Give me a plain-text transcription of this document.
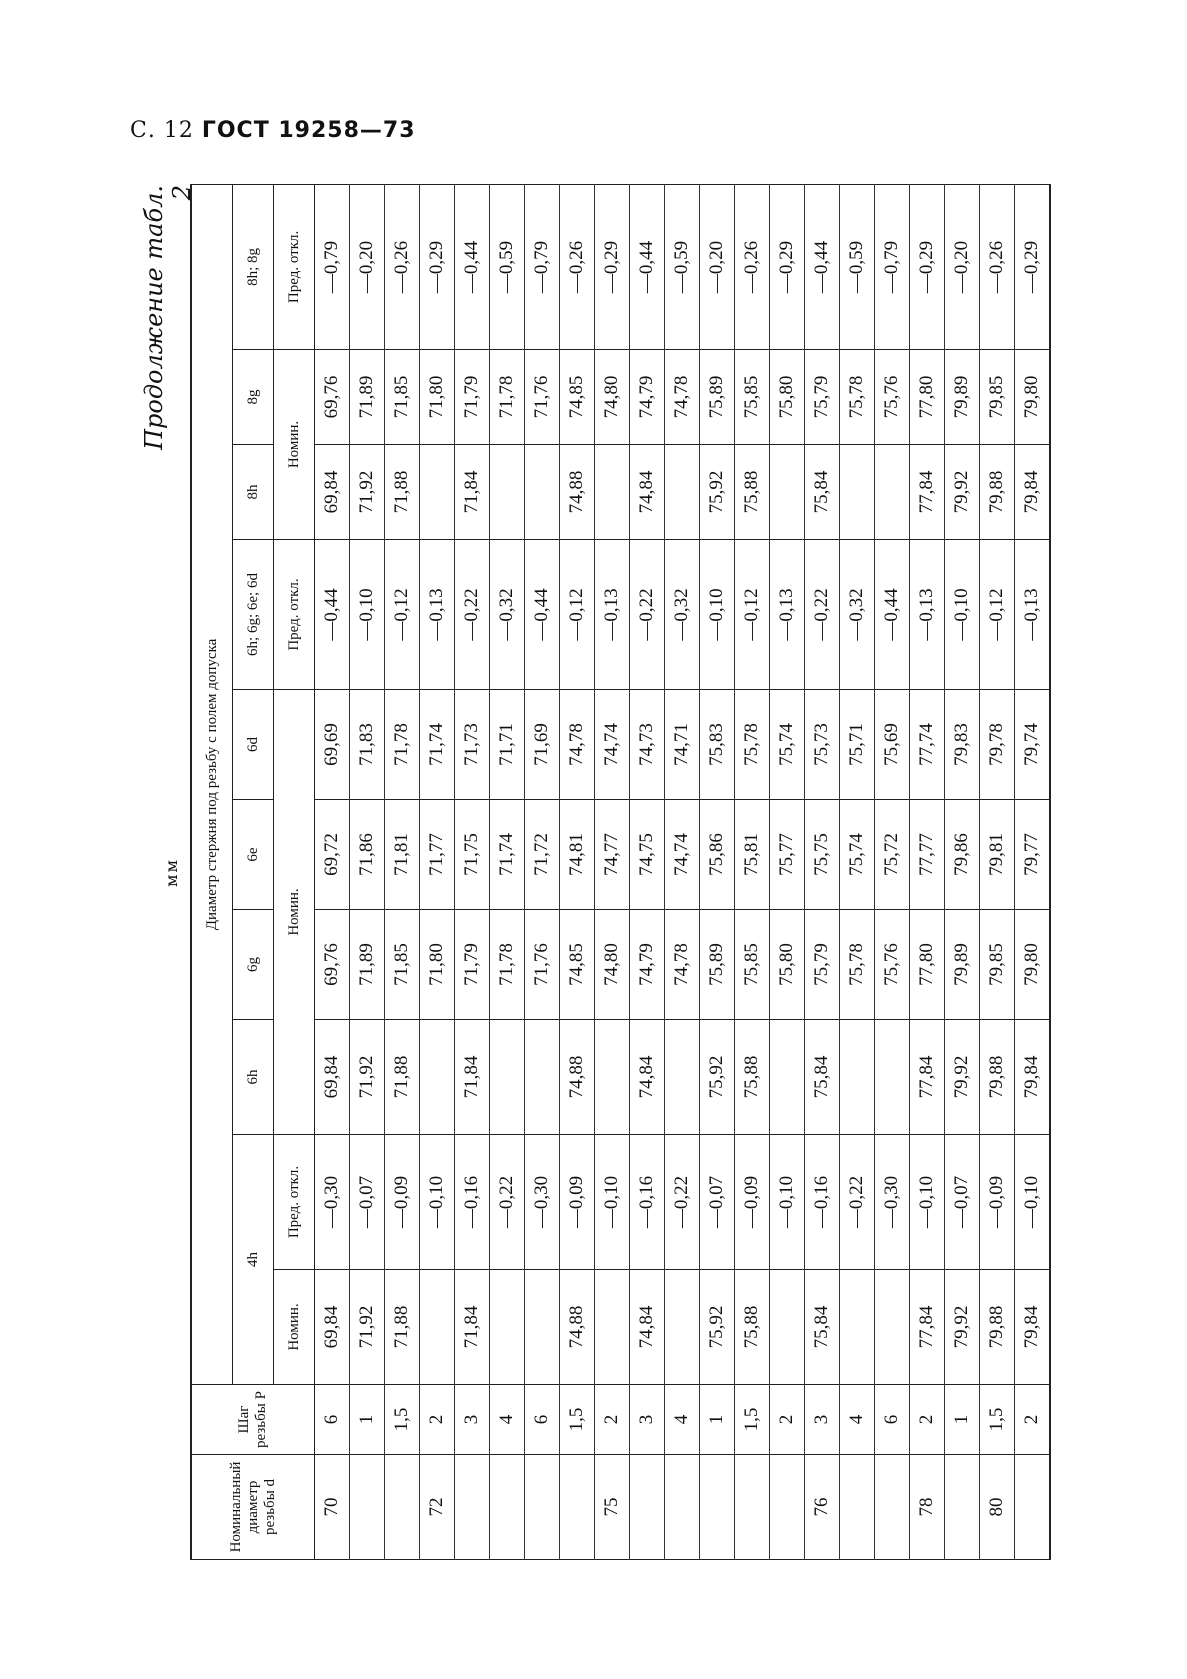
С. 12 ГОСТ 19258—73
Продолжение табл. 2
мм
Номинальный диаметр резьбы d	Шаг резьбы P	Диаметр стержня под резьбу с полем допуска									
		4h		6h	6g	6e	6d	6h; 6g; 6e; 6d	8h	8g	8h; 8g
		Номин.	Пред. откл.	Номин.				Пред. откл.	Номин.		Пред. откл.
70	6	69,84	—0,30	69,84	69,76	69,72	69,69	—0,44	69,84	69,76	—0,79
	1	71,92	—0,07	71,92	71,89	71,86	71,83	—0,10	71,92	71,89	—0,20
	1,5	71,88	—0,09	71,88	71,85	71,81	71,78	—0,12	71,88	71,85	—0,26
72	2		—0,10		71,80	71,77	71,74	—0,13		71,80	—0,29
	3	71,84	—0,16	71,84	71,79	71,75	71,73	—0,22	71,84	71,79	—0,44
	4		—0,22		71,78	71,74	71,71	—0,32		71,78	—0,59
	6		—0,30		71,76	71,72	71,69	—0,44		71,76	—0,79
	1,5	74,88	—0,09	74,88	74,85	74,81	74,78	—0,12	74,88	74,85	—0,26
75	2		—0,10		74,80	74,77	74,74	—0,13		74,80	—0,29
	3	74,84	—0,16	74,84	74,79	74,75	74,73	—0,22	74,84	74,79	—0,44
	4		—0,22		74,78	74,74	74,71	—0,32		74,78	—0,59
	1	75,92	—0,07	75,92	75,89	75,86	75,83	—0,10	75,92	75,89	—0,20
	1,5	75,88	—0,09	75,88	75,85	75,81	75,78	—0,12	75,88	75,85	—0,26
	2		—0,10		75,80	75,77	75,74	—0,13		75,80	—0,29
76	3	75,84	—0,16	75,84	75,79	75,75	75,73	—0,22	75,84	75,79	—0,44
	4		—0,22		75,78	75,74	75,71	—0,32		75,78	—0,59
	6		—0,30		75,76	75,72	75,69	—0,44		75,76	—0,79
78	2	77,84	—0,10	77,84	77,80	77,77	77,74	—0,13	77,84	77,80	—0,29
	1	79,92	—0,07	79,92	79,89	79,86	79,83	—0,10	79,92	79,89	—0,20
80	1,5	79,88	—0,09	79,88	79,85	79,81	79,78	—0,12	79,88	79,85	—0,26
	2	79,84	—0,10	79,84	79,80	79,77	79,74	—0,13	79,84	79,80	—0,29
